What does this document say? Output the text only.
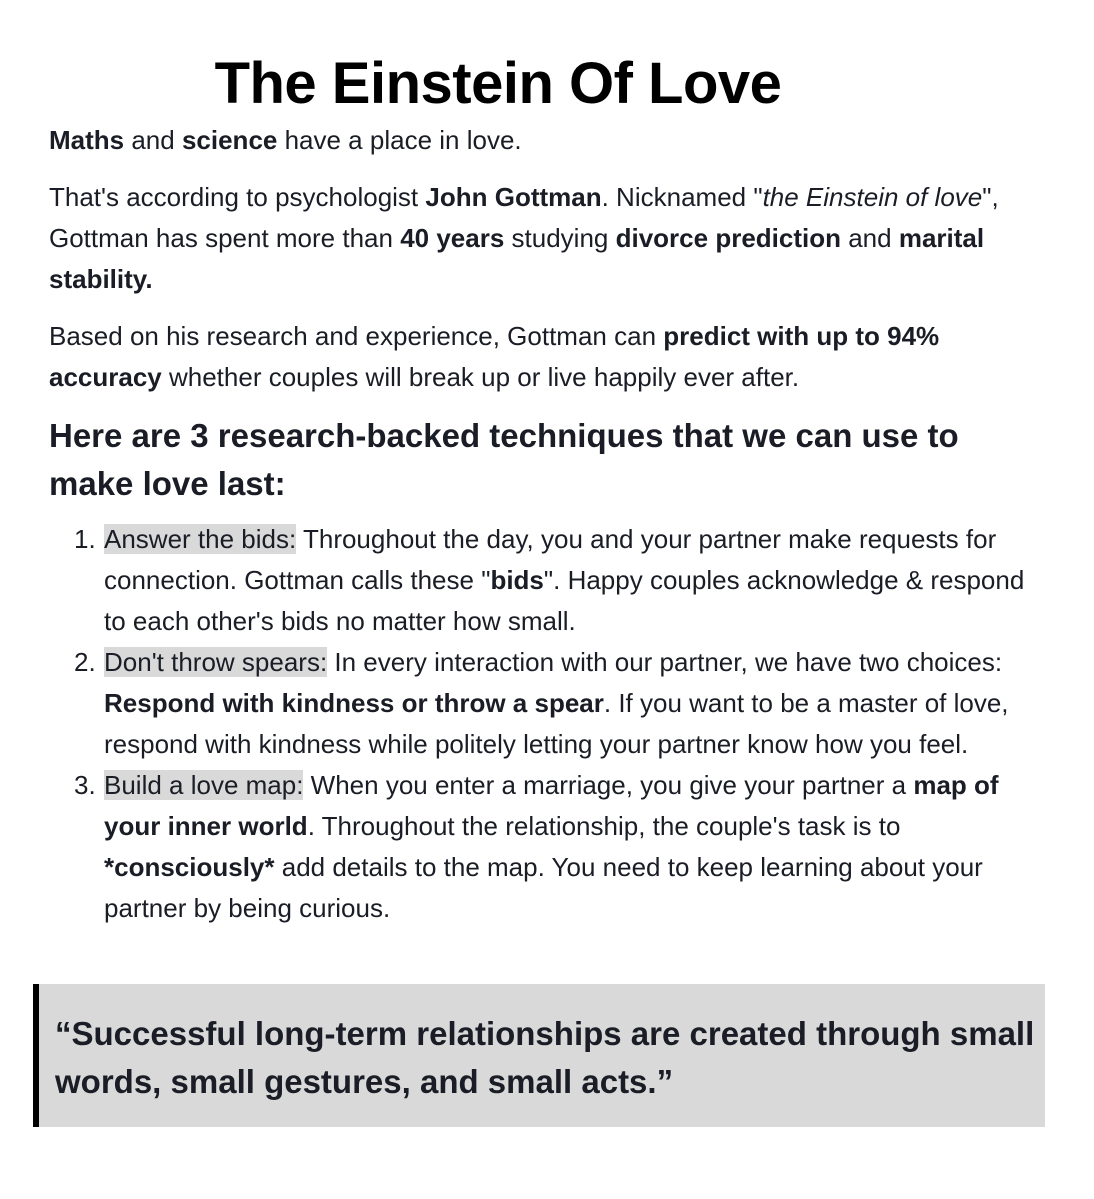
The Einstein Of Love

Maths and science have a place in love.

That's according to psychologist John Gottman. Nicknamed "the Einstein of love", Gottman has spent more than 40 years studying divorce prediction and marital stability.

Based on his research and experience, Gottman can predict with up to 94% accuracy whether couples will break up or live happily ever after.

Here are 3 research-backed techniques that we can use to make love last:
1. Answer the bids: Throughout the day, you and your partner make requests for connection. Gottman calls these "bids". Happy couples acknowledge & respond to each other's bids no matter how small.
2. Don't throw spears: In every interaction with our partner, we have two choices: Respond with kindness or throw a spear. If you want to be a master of love, respond with kindness while politely letting your partner know how you feel.
3. Build a love map: When you enter a marriage, you give your partner a map of your inner world. Throughout the relationship, the couple's task is to *consciously* add details to the map. You need to keep learning about your partner by being curious.
“Successful long-term relationships are created through small words, small gestures, and small acts.”
